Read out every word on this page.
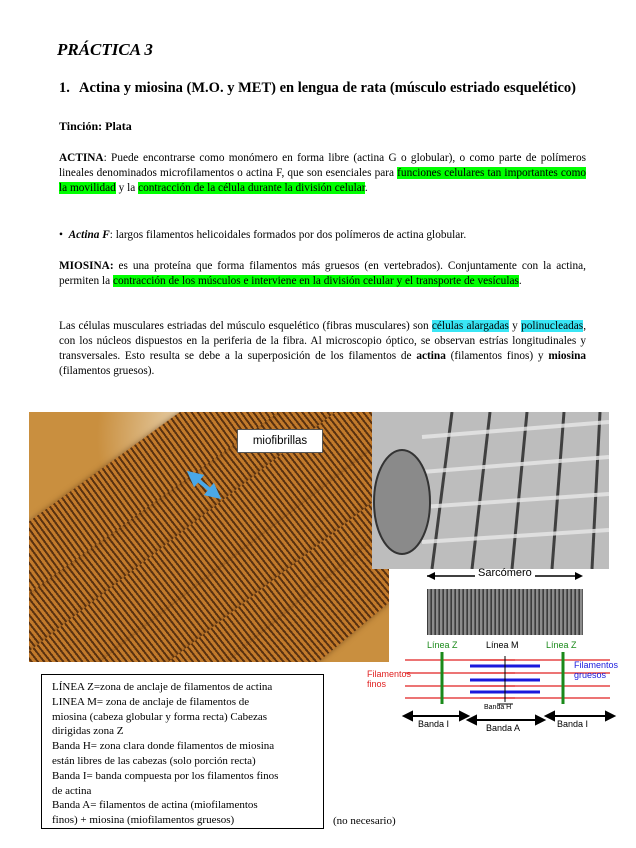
PRÁCTICA 3
1. Actina y miosina (M.O. y MET) en lengua de rata (músculo estriado esquelético)
Tinción: Plata
ACTINA: Puede encontrarse como monómero en forma libre (actina G o globular), o como parte de polímeros lineales denominados microfilamentos o actina F, que son esenciales para funciones celulares tan importantes como la movilidad y la contracción de la célula durante la división celular.
• Actina F: largos filamentos helicoidales formados por dos polímeros de actina globular.
MIOSINA: es una proteína que forma filamentos más gruesos (en vertebrados). Conjuntamente con la actina, permiten la contracción de los músculos e interviene en la división celular y el transporte de vesículas.
Las células musculares estriadas del músculo esquelético (fibras musculares) son células alargadas y polinucleadas, con los núcleos dispuestos en la periferia de la fibra. Al microscopio óptico, se observan estrías longitudinales y transversales. Esto resulta se debe a la superposición de los filamentos de actina (filamentos finos) y miosina (filamentos gruesos).
miofibrillas
Sarcómero
Línea Z	Línea M	Línea Z
Filamentos
finos
Filamentos
gruesos
Banda H
Banda I	Banda A	Banda I
LÍNEA Z=zona de anclaje de filamentos de actina
LINEA M= zona de anclaje de filamentos de
miosina (cabeza globular y forma recta) Cabezas
dirigidas zona Z
Banda H= zona clara donde filamentos de miosina
están libres de las cabezas (solo porción recta)
Banda I= banda compuesta por los filamentos finos
de actina
Banda A= filamentos de actina (miofilamentos
finos) + miosina (miofilamentos gruesos)	(no necesario)
